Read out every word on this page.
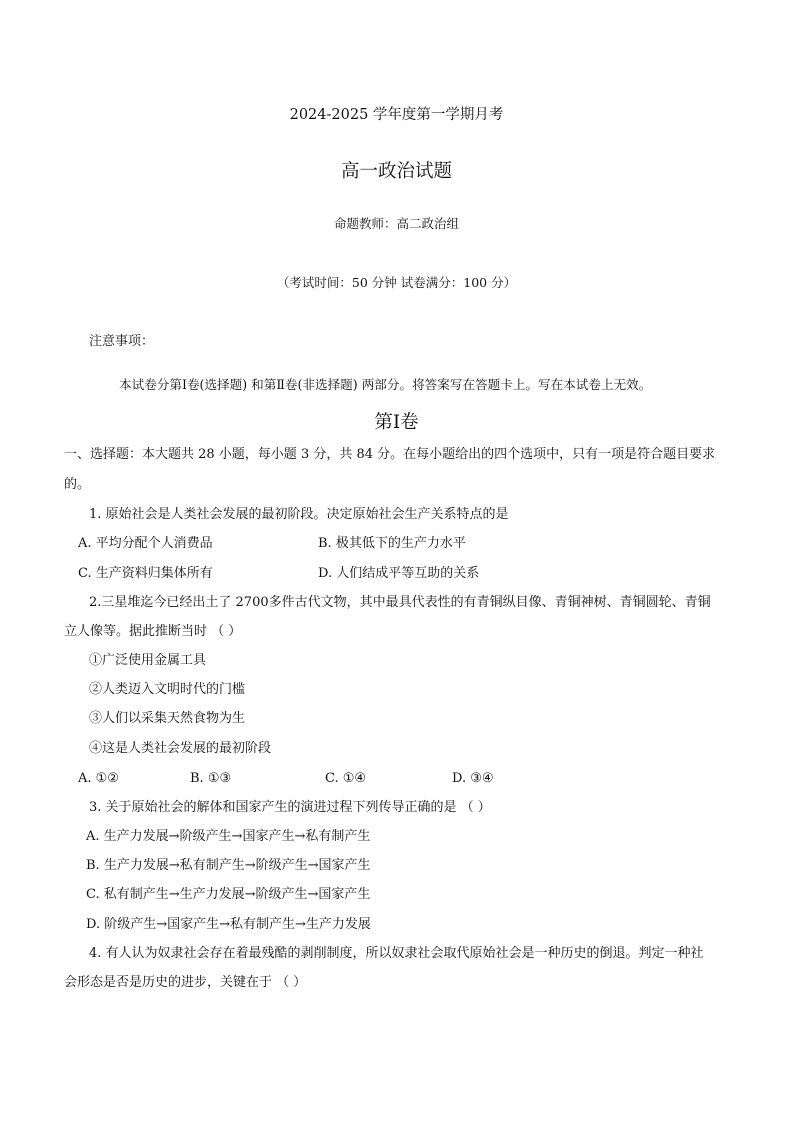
2024-2025 学年度第一学期月考
高一政治试题
命题教师：高二政治组
（考试时间：50 分钟 试卷满分：100 分）
注意事项：
本试卷分第Ⅰ卷(选择题) 和第Ⅱ卷(非选择题) 两部分。将答案写在答题卡上。写在本试卷上无效。
第Ⅰ卷
一、选择题：本大题共 28 小题，每小题 3 分，共 84 分。在每小题给出的四个选项中，只有一项是符合题目要求
的。
1. 原始社会是人类社会发展的最初阶段。决定原始社会生产关系特点的是
A. 平均分配个人消费品	B. 极其低下的生产力水平
C. 生产资料归集体所有	D. 人们结成平等互助的关系
2.三星堆迄今已经出土了 2700多件古代文物，其中最具代表性的有青铜纵目像、青铜神树、青铜圆轮、青铜
立人像等。据此推断当时 （ ）
①广泛使用金属工具
②人类迈入文明时代的门槛
③人们以采集天然食物为生
④这是人类社会发展的最初阶段
A. ①②	B. ①③	C. ①④	D. ③④
3. 关于原始社会的解体和国家产生的演进过程下列传导正确的是 （ ）
A. 生产力发展→阶级产生→国家产生→私有制产生
B. 生产力发展→私有制产生→阶级产生→国家产生
C. 私有制产生→生产力发展→阶级产生→国家产生
D. 阶级产生→国家产生→私有制产生→生产力发展
4. 有人认为奴隶社会存在着最残酷的剥削制度，所以奴隶社会取代原始社会是一种历史的倒退。判定一种社
会形态是否是历史的进步，关键在于 （ ）
